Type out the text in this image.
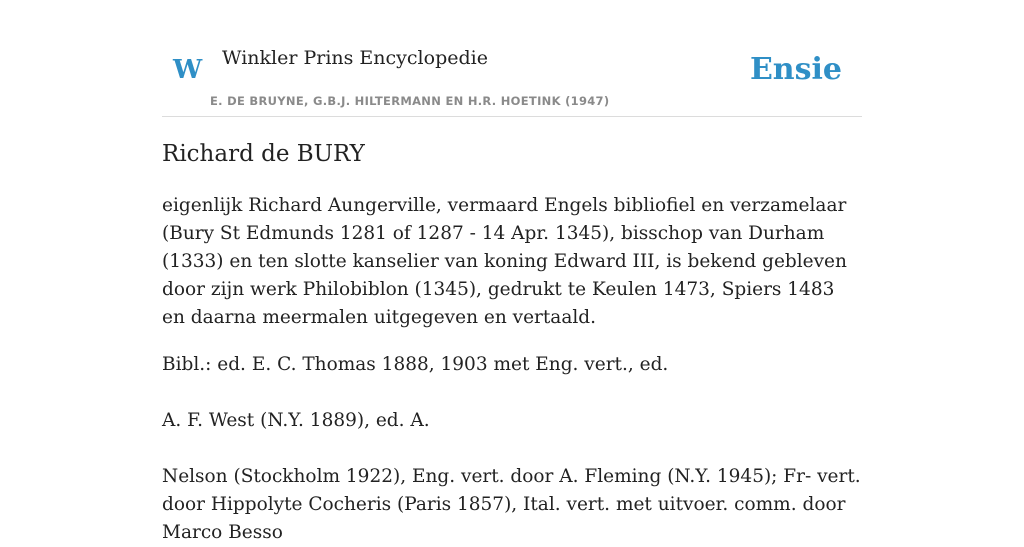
W Winkler Prins Encyclopedie
E. DE BRUYNE, G.B.J. HILTERMANN EN H.R. HOETINK (1947)
Ensie
Richard de BURY

eigenlijk Richard Aungerville, vermaard Engels bibliofiel en verzamelaar (Bury St Edmunds 1281 of 1287 - 14 Apr. 1345), bisschop van Durham (1333) en ten slotte kanselier van koning Edward III, is bekend gebleven door zijn werk Philobiblon (1345), gedrukt te Keulen 1473, Spiers 1483 en daarna meermalen uitgegeven en vertaald.

Bibl.: ed. E. C. Thomas 1888, 1903 met Eng. vert., ed.

A. F. West (N.Y. 1889), ed. A.

Nelson (Stockholm 1922), Eng. vert. door A. Fleming (N.Y. 1945); Fr- vert. door Hippolyte Cocheris (Paris 1857), Ital. vert. met uitvoer. comm. door Marco Besso
